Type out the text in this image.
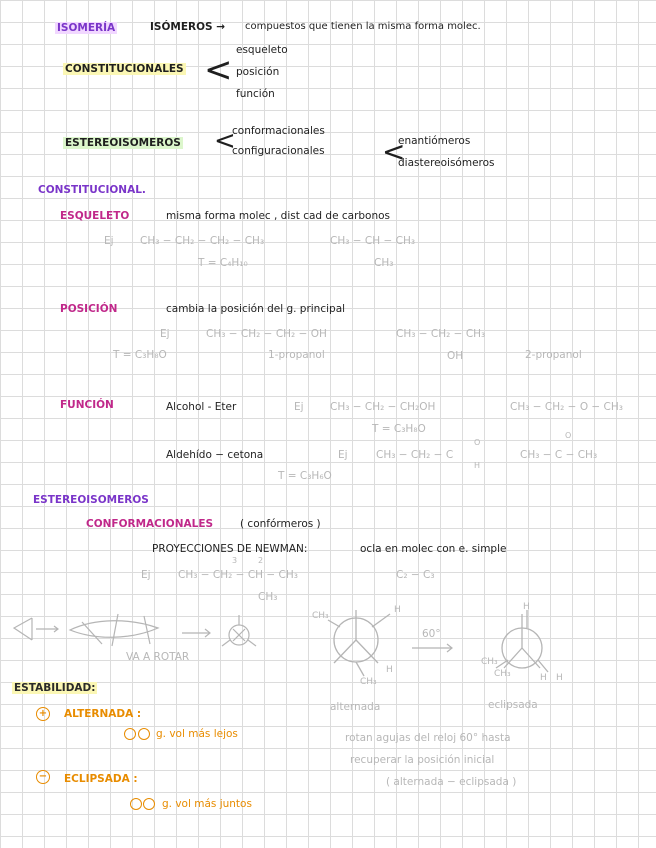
ISOMERÍA	ISÓMEROS → compuestos que tienen la misma forma molec.
CONSTITUCIONALES < esqueleto
posición
función
ESTEREOISOMEROS <
conformacionales
configuracionales <
enantiómeros
diastereoisómeros
CONSTITUCIONAL.
ESQUELETO	misma forma molec , dist cad de carbonos
Ej	CH₃ − CH₂ − CH₂ − CH₃	CH₃ − CH − CH₃
CH₃
T = C₄H₁₀
POSICIÓN	cambia la posición del g. principal
Ej	CH₃ − CH₂ − CH₂ − OH	CH₃ − CH₂ − CH₃
OH
T = C₃H₈O	1-propanol	2-propanol
FUNCIÓN	Alcohol - Eter	Ej	CH₃ − CH₂ − CH₂OH	CH₃ − CH₂ − O − CH₃
T = C₃H₈O
Aldehído − cetona	Ej	CH₃ − CH₂ − C
O
H
CH₃ − C − CH₃
O
T = C₃H₆O
ESTEREOISOMEROS
CONFORMACIONALES	( confórmeros )
PROYECCIONES DE NEWMAN:	ocla en molec con e. simple
Ej	CH₃ − CH₂ − CH − CH₃
3	2
CH₃
C₂ − C₃
VA A ROTAR
CH₃
H
H
CH₃
60°
H
CH₃
CH₃	H H
alternada	eclipsada
ESTABILIDAD:
+ ALTERNADA :
g. vol más lejos
− ECLIPSADA :
g. vol más juntos
rotan agujas del reloj 60° hasta
recuperar la posición inicial
( alternada − eclipsada )
